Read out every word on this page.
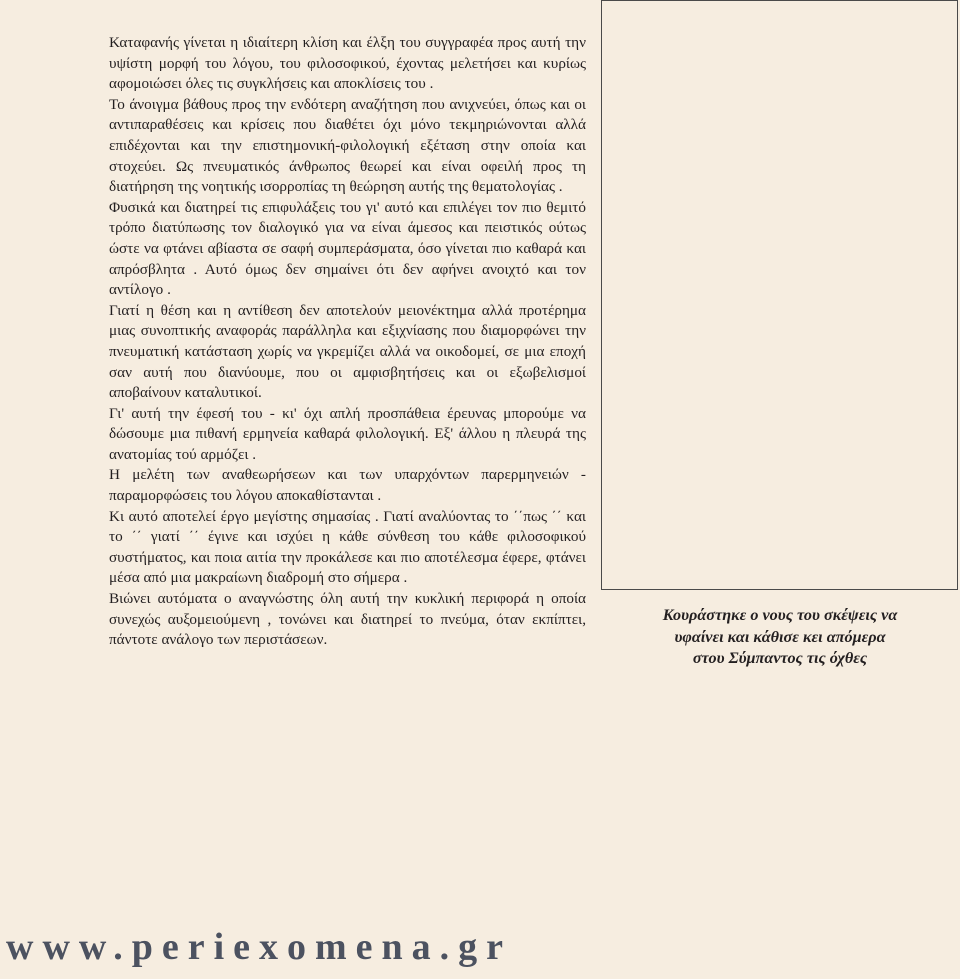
Καταφανής γίνεται η ιδιαίτερη κλίση και έλξη του συγγραφέα προς αυτή την υψίστη μορφή του λόγου, του φιλοσοφικού, έχοντας μελετήσει και κυρίως αφομοιώσει όλες τις συγκλήσεις και αποκλίσεις του .

Το άνοιγμα βάθους προς την ενδότερη αναζήτηση που ανιχνεύει, όπως και οι αντιπαραθέσεις και κρίσεις που διαθέτει όχι μόνο τεκμηριώνονται αλλά επιδέχονται και την επιστημονική-φιλολογική εξέταση στην οποία και στοχεύει. Ως πνευματικός άνθρωπος θεωρεί και είναι οφειλή προς τη διατήρηση της νοητικής ισορροπίας τη θεώρηση αυτής της θεματολογίας .

Φυσικά και διατηρεί τις επιφυλάξεις του γι' αυτό και επιλέγει τον πιο θεμιτό τρόπο διατύπωσης τον διαλογικό για να είναι άμεσος και πειστικός ούτως ώστε να φτάνει αβίαστα σε σαφή συμπεράσματα, όσο γίνεται πιο καθαρά και απρόσβλητα . Αυτό όμως δεν σημαίνει ότι δεν αφήνει ανοιχτό και τον αντίλογο .

Γιατί η θέση και η αντίθεση δεν αποτελούν μειονέκτημα αλλά προτέρημα μιας συνοπτικής αναφοράς παράλληλα και εξιχνίασης που διαμορφώνει την πνευματική κατάσταση χωρίς να γκρεμίζει αλλά να οικοδομεί, σε μια εποχή σαν αυτή που διανύουμε, που οι αμφισβητήσεις και οι εξωβελισμοί αποβαίνουν καταλυτικοί.

Γι' αυτή την έφεσή του - κι' όχι απλή προσπάθεια έρευνας μπορούμε να δώσουμε μια πιθανή ερμηνεία καθαρά φιλολογική. Εξ' άλλου η πλευρά της ανατομίας τού αρμόζει .

Η μελέτη των αναθεωρήσεων και των υπαρχόντων παρερμηνειών - παραμορφώσεις του λόγου αποκαθίστανται .

Κι αυτό αποτελεί έργο μεγίστης σημασίας . Γιατί αναλύοντας το ΄΄πως ΄΄ και το ΄΄ γιατί ΄΄ έγινε και ισχύει η κάθε σύνθεση του κάθε φιλοσοφικού συστήματος, και ποια αιτία την προκάλεσε και πιο αποτέλεσμα έφερε, φτάνει μέσα από μια μακραίωνη διαδρομή στο σήμερα .

Βιώνει αυτόματα ο αναγνώστης όλη αυτή την κυκλική περιφορά η οποία συνεχώς αυξομειούμενη , τονώνει και διατηρεί το πνεύμα, όταν εκπίπτει, πάντοτε ανάλογο των περιστάσεων.

Κουράστηκε ο νους του σκέψεις να
υφαίνει και κάθισε κει απόμερα
στου Σύμπαντος τις όχθες
www.periexomena.gr
